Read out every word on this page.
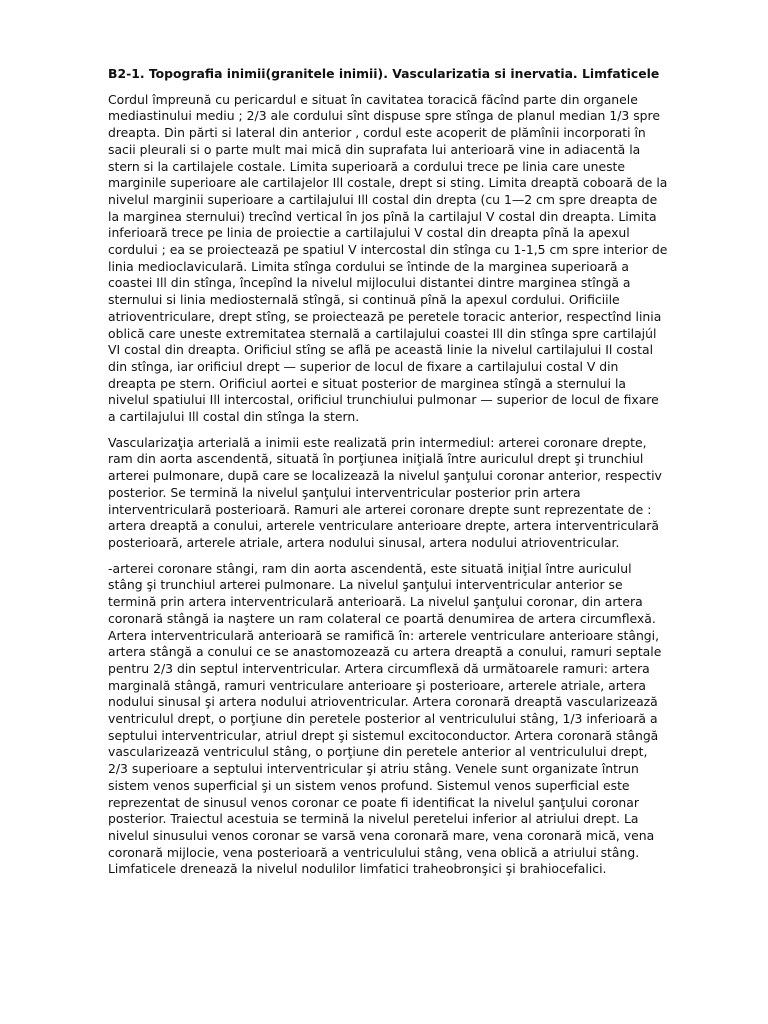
B2-1. Topografia inimii(granitele inimii). Vascularizatia si inervatia. Limfaticele
Cordul împreună cu pericardul e situat în cavitatea toracică făcînd parte din organele mediastinului mediu ; 2/3 ale cordului sînt dispuse spre stînga de planul median 1/3 spre dreapta. Din părti si lateral din anterior , cordul este acoperit de plămînii incorporati în sacii pleurali si o parte mult mai mică din suprafata lui anterioară vine in adiacentă la stern si la cartilajele costale. Limita superioară a cordului trece pe linia care uneste marginile superioare ale cartilajelor Ill costale, drept si sting. Limita dreaptă coboară de la nivelul marginii superioare a cartilajului Ill costal din drepta (cu 1—2 cm spre dreapta de la marginea sternului) trecînd vertical în jos pînă la cartilajul V costal din dreapta. Limita inferioară trece pe linia de proiectie a cartilajului V costal din dreapta pînă la apexul cordului ; ea se proiectează pe spatiul V intercostal din stînga cu 1-1,5 cm spre interior de linia medioclaviculară. Limita stînga cordului se întinde de la marginea superioară a coastei Ill din stînga, începînd la nivelul mijlocului distantei dintre marginea stîngă a sternului si linia mediosternală stîngă, si continuă pînă la apexul cordului. Orificiile atrioventriculare, drept stîng, se proiectează pe peretele toracic anterior, respectînd linia oblică care uneste extremitatea sternală a cartilajului coastei Ill din stînga spre cartilajúl VI costal din dreapta. Orificiul stîng se află pe această linie la nivelul cartilajului Il costal din stînga, iar orificiul drept — superior de locul de fixare a cartilajului costal V din dreapta pe stern. Orificiul aortei e situat posterior de marginea stîngă a sternului la nivelul spatiului Ill intercostal, orificiul trunchiului pulmonar — superior de locul de fixare a cartilajului Ill costal din stînga la stern.
Vascularizaţia arterială a inimii este realizată prin intermediul: arterei coronare drepte, ram din aorta ascendentă, situată în porţiunea iniţială între auriculul drept şi trunchiul arterei pulmonare, după care se localizează la nivelul şanţului coronar anterior, respectiv posterior. Se termină la nivelul şanţului interventricular posterior prin artera interventriculară posterioară. Ramuri ale arterei coronare drepte sunt reprezentate de : artera dreaptă a conului, arterele ventriculare anterioare drepte, artera interventriculară posterioară, arterele atriale, artera nodului sinusal, artera nodului atrioventricular.
-arterei coronare stângi, ram din aorta ascendentă, este situată iniţial între auriculul stâng şi trunchiul arterei pulmonare. La nivelul şanţului interventricular anterior se termină prin artera interventriculară anterioară. La nivelul şanţului coronar, din artera coronară stângă ia naştere un ram colateral ce poartă denumirea de artera circumflexă. Artera interventriculară anterioară se ramifică în: arterele ventriculare anterioare stângi, artera stângă a conului ce se anastomozează cu artera dreaptă a conului, ramuri septale pentru 2/3 din septul interventricular. Artera circumflexă dă următoarele ramuri: artera marginală stângă, ramuri ventriculare anterioare şi posterioare, arterele atriale, artera nodului sinusal şi artera nodului atrioventricular. Artera coronară dreaptă vascularizează ventriculul drept, o porţiune din peretele posterior al ventriculului stâng, 1/3 inferioară a septului interventricular, atriul drept şi sistemul excitoconductor. Artera coronară stângă vascularizează ventriculul stâng, o porţiune din peretele anterior al ventriculului drept, 2/3 superioare a septului interventricular şi atriu stâng. Venele sunt organizate întrun sistem venos superficial şi un sistem venos profund. Sistemul venos superficial este reprezentat de sinusul venos coronar ce poate fi identificat la nivelul şanţului coronar posterior. Traiectul acestuia se termină la nivelul peretelui inferior al atriului drept. La nivelul sinusului venos coronar se varsă vena coronară mare, vena coronară mică, vena coronară mijlocie, vena posterioară a ventriculului stâng, vena oblică a atriului stâng. Limfaticele drenează la nivelul nodulilor limfatici traheobronşici şi brahiocefalici.
